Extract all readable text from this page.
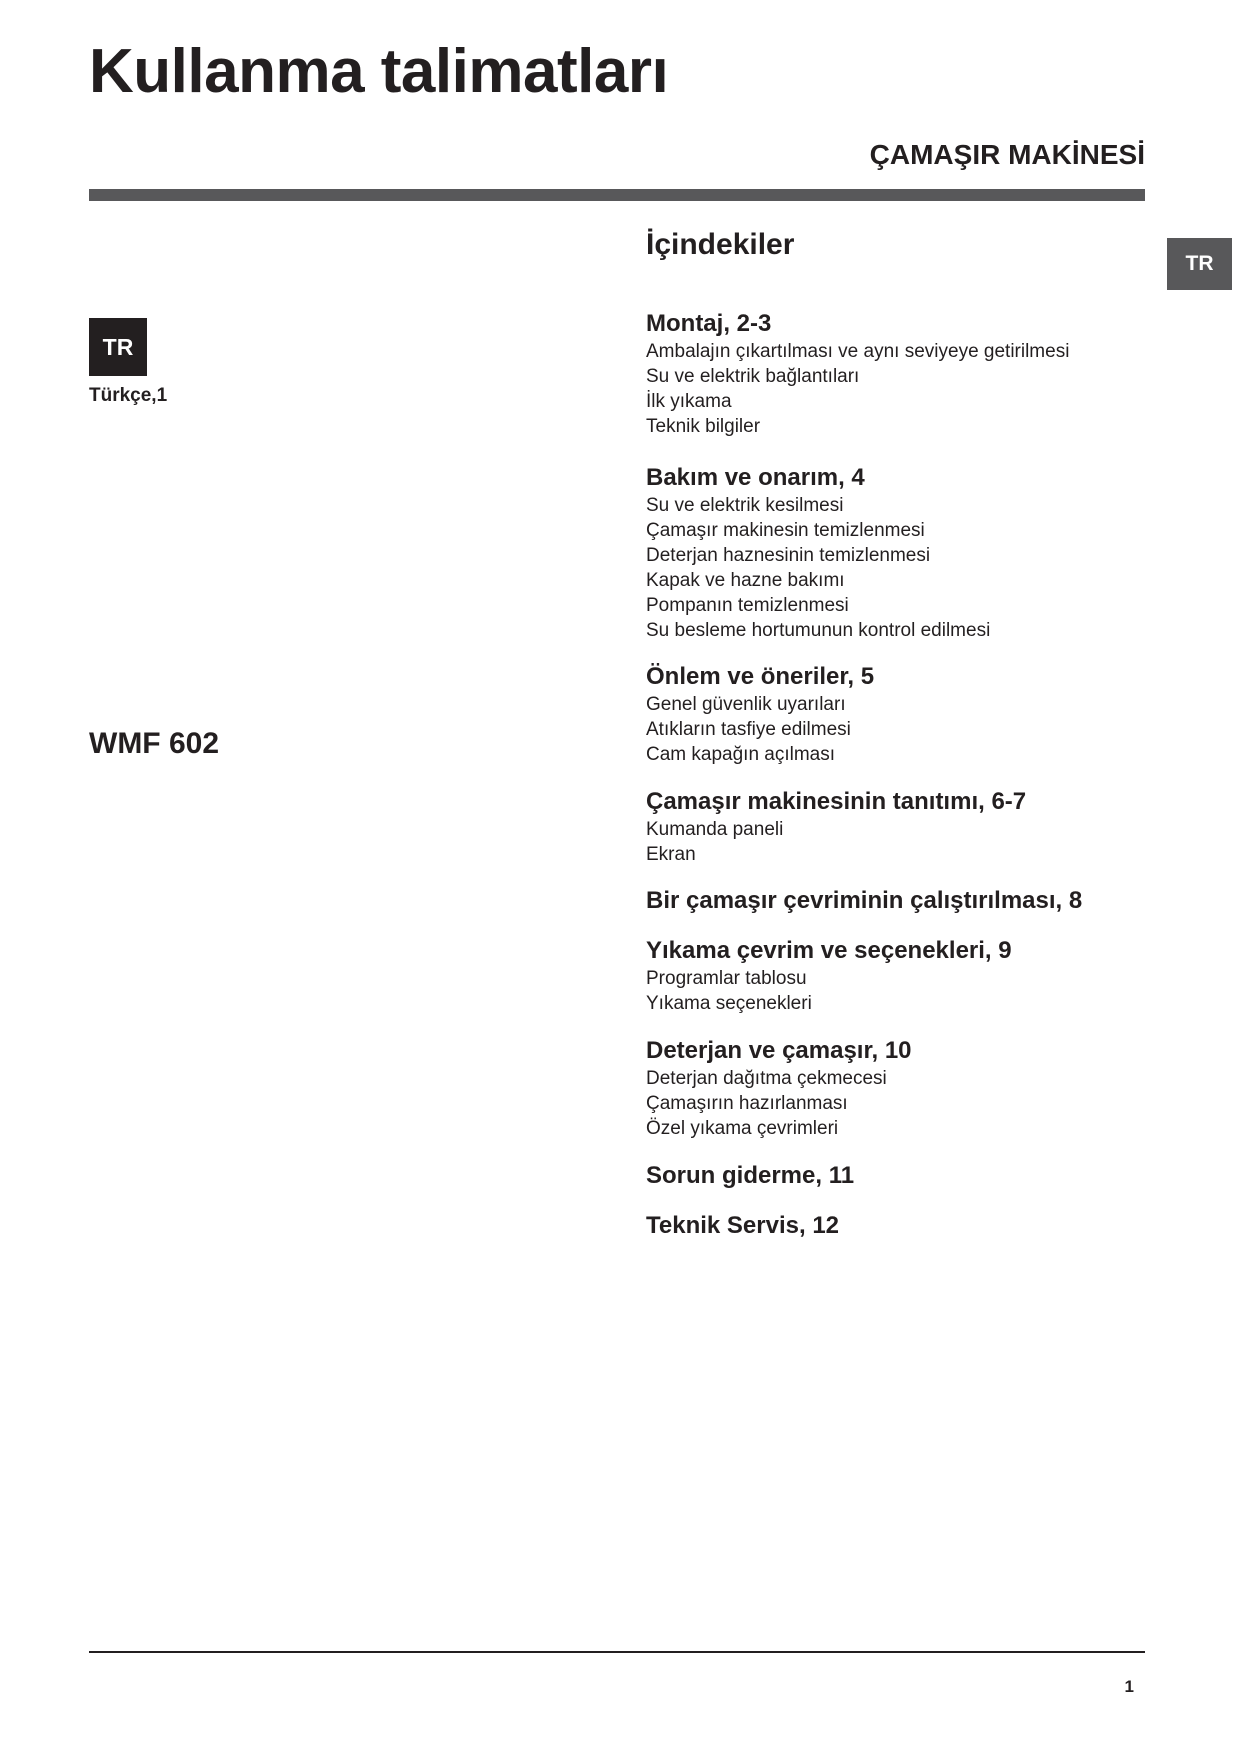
Kullanma talimatları
ÇAMAŞIR MAKİNESİ
TR
TR
Türkçe,1
WMF 602
İçindekiler
Montaj, 2-3
Ambalajın çıkartılması ve aynı seviyeye getirilmesi
Su ve elektrik bağlantıları
İlk yıkama
Teknik bilgiler
Bakım ve onarım, 4
Su ve elektrik kesilmesi
Çamaşır makinesin temizlenmesi
Deterjan haznesinin temizlenmesi
Kapak ve hazne bakımı
Pompanın temizlenmesi
Su besleme hortumunun kontrol edilmesi
Önlem ve öneriler, 5
Genel güvenlik uyarıları
Atıkların tasfiye edilmesi
Cam kapağın açılması
Çamaşır makinesinin tanıtımı, 6-7
Kumanda paneli
Ekran
Bir çamaşır çevriminin çalıştırılması, 8
Yıkama çevrim ve seçenekleri, 9
Programlar tablosu
Yıkama seçenekleri
Deterjan ve çamaşır, 10
Deterjan dağıtma çekmecesi
Çamaşırın hazırlanması
Özel yıkama çevrimleri
Sorun giderme, 11
Teknik Servis, 12
1
